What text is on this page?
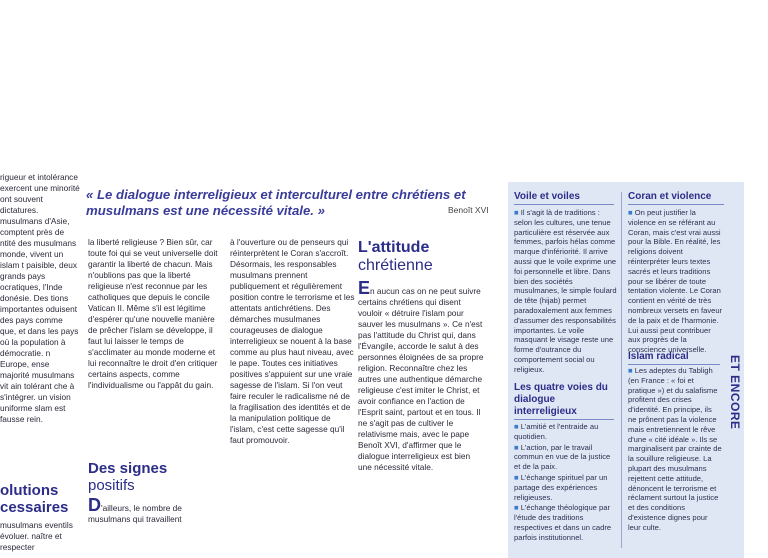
rigueur et intolérance exercent une minorité ont souvent dictatures. musulmans d'Asie, comptent près de ntité des musulmans monde, vivent un islam t paisible, deux grands pays ocratiques, l'Inde donésie. Des tions importantes oduisent des pays comme que, et dans les pays où la population à démocratie. n Europe, ense majorité musulmans vit ain tolérant che à s'intégrer. un vision uniforme slam est fausse rein.

olutions
cessaires

musulmans eventils évoluer. naître et respecter

« Le dialogue interreligieux et interculturel entre chrétiens et musulmans est une nécessité vitale. »	Benoît XVI

la liberté religieuse ? Bien sûr, car toute foi qui se veut universelle doit garantir la liberté de chacun. Mais n'oublions pas que la liberté religieuse n'est reconnue par les catholiques que depuis le concile Vatican II. Même s'il est légitime d'espérer qu'une nouvelle manière de prêcher l'islam se développe, il faut lui laisser le temps de s'acclimater au monde moderne et lui reconnaître le droit d'en critiquer certains aspects, comme l'individualisme ou l'appât du gain.

Des signes
positifs

D'ailleurs, le nombre de musulmans qui travaillent

à l'ouverture ou de penseurs qui réinterprètent le Coran s'accroît. Désormais, les responsables musulmans prennent publiquement et régulièrement position contre le terrorisme et les attentats antichrétiens. Des démarches musulmanes courageuses de dialogue interreligieux se nouent à la base comme au plus haut niveau, avec le pape. Toutes ces initiatives positives s'appuient sur une vraie sagesse de l'islam. Si l'on veut faire reculer le radicalisme né de la fragilisation des identités et de la manipulation politique de l'islam, c'est cette sagesse qu'il faut promouvoir.

L'attitude
chrétienne

En aucun cas on ne peut suivre certains chrétiens qui disent vouloir « détruire l'islam pour sauver les musulmans ». Ce n'est pas l'attitude du Christ qui, dans l'Évangile, accorde le salut à des personnes éloignées de sa propre religion. Reconnaître chez les autres une authentique démarche religieuse c'est imiter le Christ, et avoir confiance en l'action de l'Esprit saint, partout et en tous. Il ne s'agit pas de cultiver le relativisme mais, avec le pape Benoît XVI, d'affirmer que le dialogue interreligieux est bien une nécessité vitale.

Voile et voiles

■ Il s'agit là de traditions : selon les cultures, une tenue particulière est réservée aux femmes, parfois hélas comme marque d'infériorité. Il arrive aussi que le voile exprime une foi personnelle et libre. Dans bien des sociétés musulmanes, le simple foulard de tête (hijab) permet paradoxalement aux femmes d'assumer des responsabilités importantes. Le voile masquant le visage reste une forme d'outrance du comportement social ou religieux.

Les quatre voies du dialogue interreligieux

■ L'amitié et l'entraide au quotidien.

■ L'action, par le travail commun en vue de la justice et de la paix.

■ L'échange spirituel par un partage des expériences religieuses.

■ L'échange théologique par l'étude des traditions respectives et dans un cadre parfois institutionnel.

Coran et violence

■ On peut justifier la violence en se référant au Coran, mais c'est vrai aussi pour la Bible. En réalité, les religions doivent réinterpréter leurs textes sacrés et leurs traditions pour se libérer de toute tentation violente. Le Coran contient en vérité de très nombreux versets en faveur de la paix et de l'harmonie. Lui aussi peut contribuer aux progrès de la conscience universelle.

Islam radical

■ Les adeptes du Tabligh (en France : « foi et pratique ») et du salafisme profitent des crises d'identité. En principe, ils ne prônent pas la violence mais entretiennent le rêve d'une « cité idéale ». Ils se marginalisent par crainte de la souillure religieuse. La plupart des musulmans rejettent cette attitude, dénoncent le terrorisme et réclament surtout la justice et des conditions d'existence dignes pour leur culte.

ET ENCORE
